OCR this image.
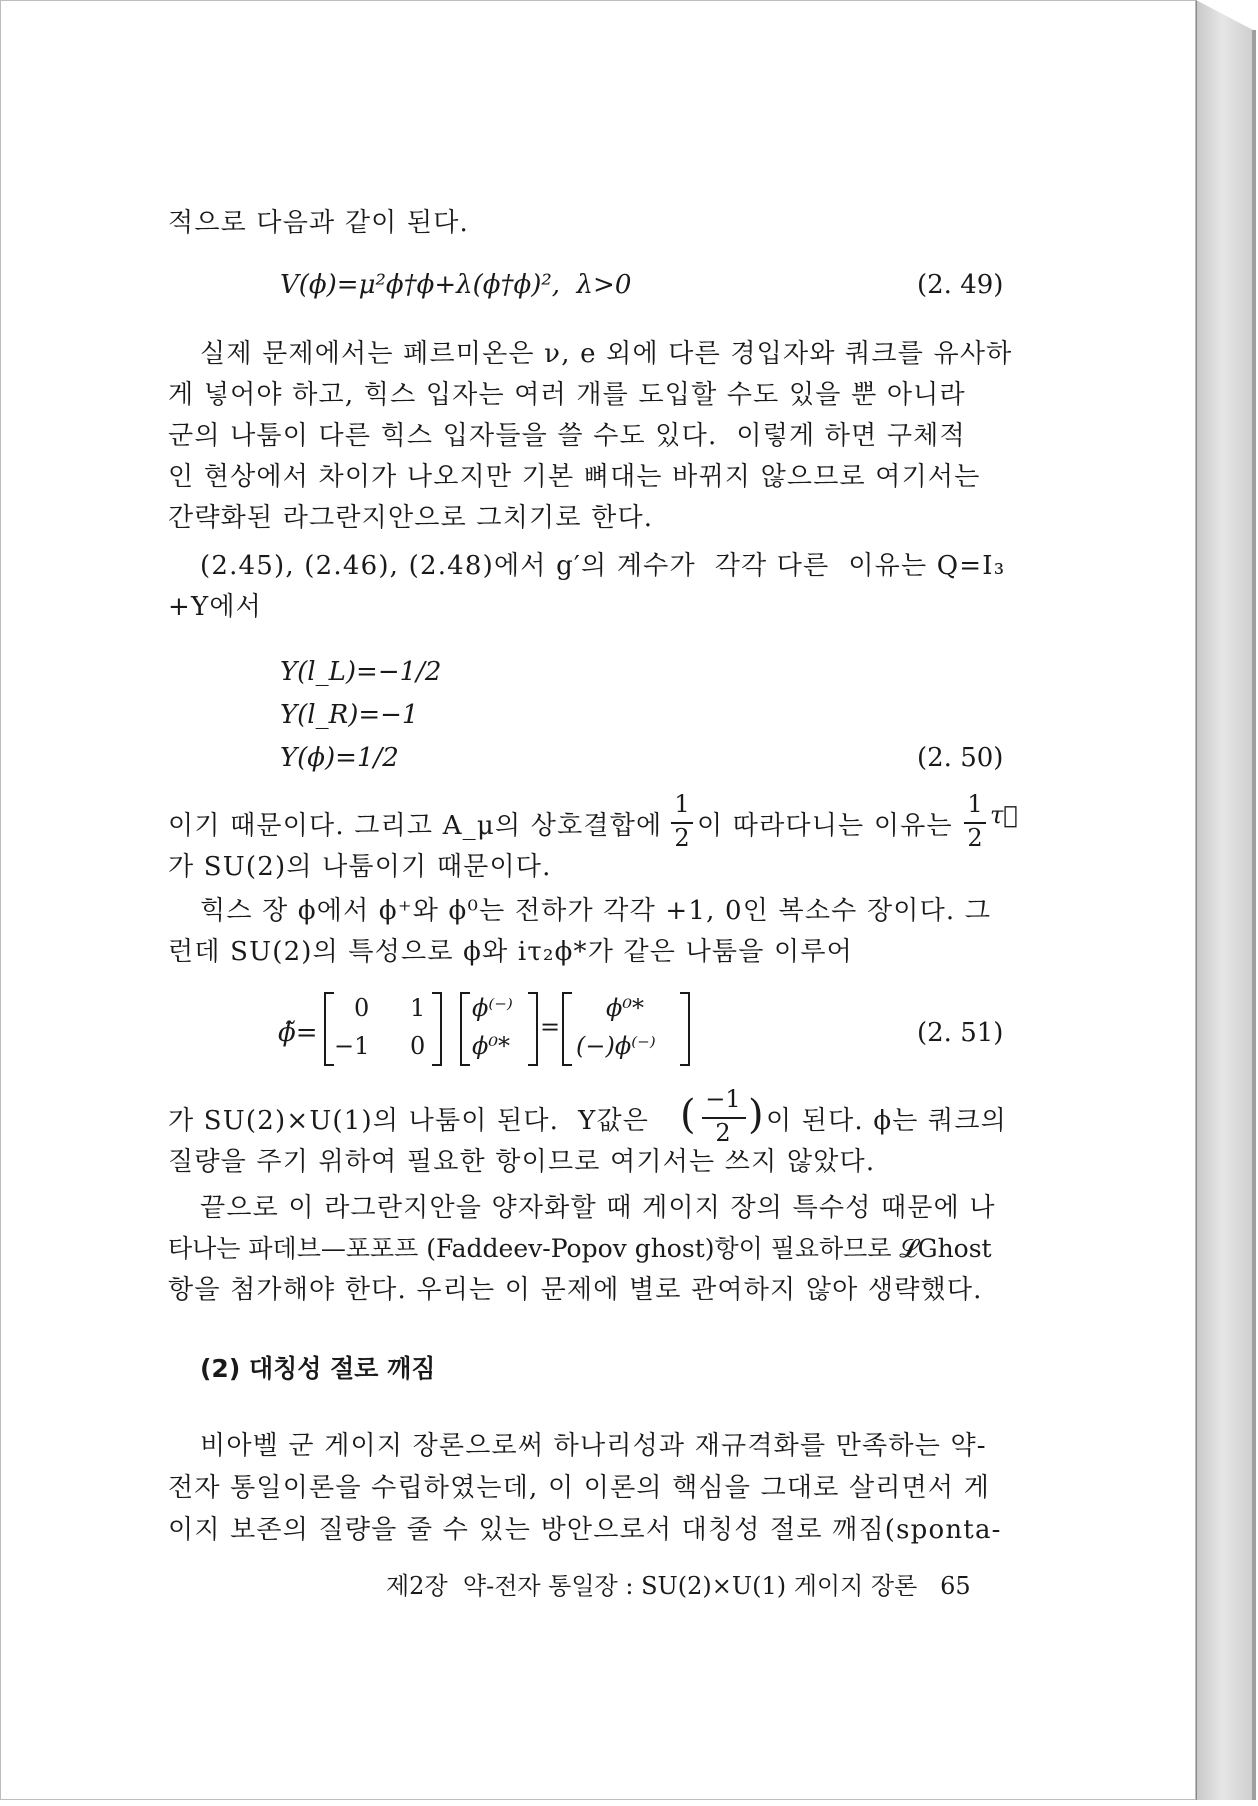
적으로 다음과 같이 된다.
V(ϕ)=μ²ϕ†ϕ+λ(ϕ†ϕ)²,  λ>0	(2. 49)
실제 문제에서는 페르미온은 ν, e 외에 다른 경입자와 쿼크를 유사하
게 넣어야 하고, 힉스 입자는 여러 개를 도입할 수도 있을 뿐 아니라
군의 나툼이 다른 힉스 입자들을 쓸 수도 있다.  이렇게 하면 구체적
인 현상에서 차이가 나오지만 기본 뼈대는 바뀌지 않으므로 여기서는
간략화된 라그란지안으로 그치기로 한다.
(2.45), (2.46), (2.48)에서 g′의 계수가  각각 다른  이유는 Q=I₃
+Y에서
Y(l_L)=−1/2
Y(l_R)=−1
Y(ϕ)=1/2	(2. 50)
이기 때문이다. 그리고 A_μ의 상호결합에
1
2 이 따라다니는 이유는
1
2
τ⃗
가 SU(2)의 나툼이기 때문이다.
힉스 장 ϕ에서 ϕ⁺와 ϕ⁰는 전하가 각각 +1, 0인 복소수 장이다. 그
런데 SU(2)의 특성으로 ϕ와 iτ₂ϕ*가 같은 나툼을 이루어
ϕ̃=
0 1
−1 0
ϕ⁽⁻⁾
ϕ⁰*
=
ϕ⁰*
(−)ϕ⁽⁻⁾	(2. 51)
가 SU(2)×U(1)의 나툼이 된다.  Y값은 ( −1
2 ) 이 된다. ϕ는 쿼크의
질량을 주기 위하여 필요한 항이므로 여기서는 쓰지 않았다.
끝으로 이 라그란지안을 양자화할 때 게이지 장의 특수성 때문에 나
타나는 파데브—포포프 (Faddeev-Popov ghost)항이 필요하므로 𝓛Ghost
항을 첨가해야 한다. 우리는 이 문제에 별로 관여하지 않아 생략했다.
(2) 대칭성 절로 깨짐
비아벨 군 게이지 장론으로써 하나리성과 재규격화를 만족하는 약-
전자 통일이론을 수립하였는데, 이 이론의 핵심을 그대로 살리면서 게
이지 보존의 질량을 줄 수 있는 방안으로서 대칭성 절로 깨짐(sponta-
제2장  약-전자 통일장 : SU(2)×U(1) 게이지 장론   65
